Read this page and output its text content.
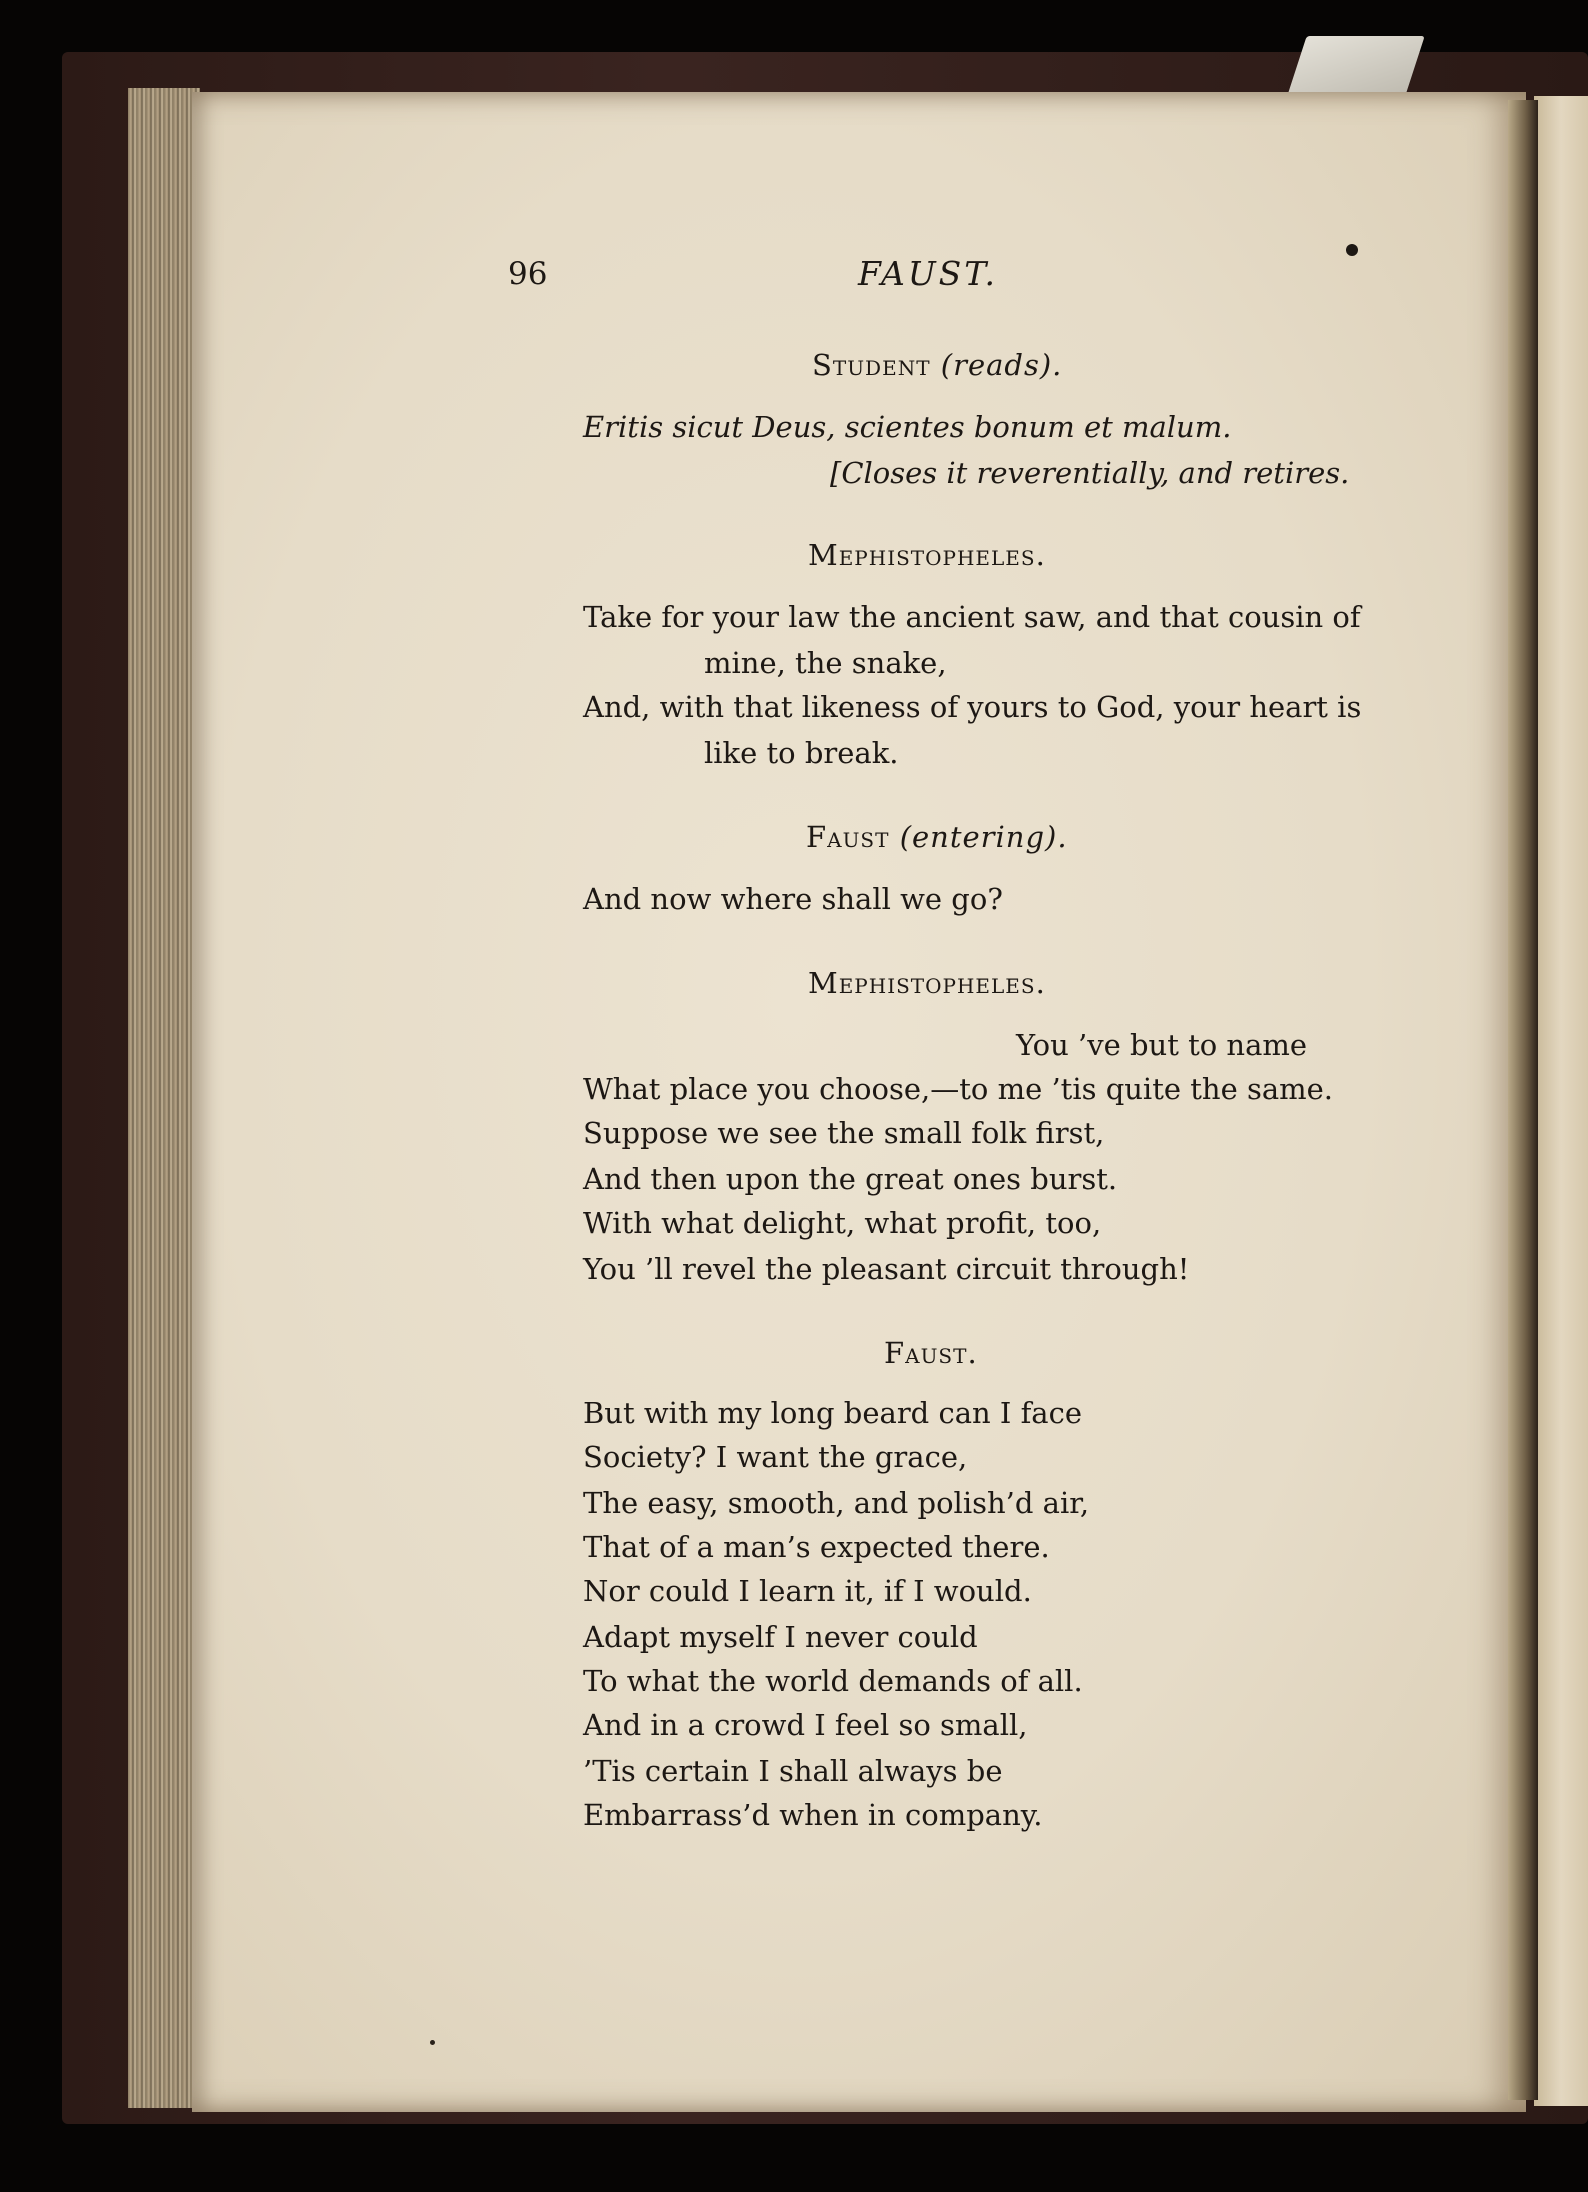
96	FAUST.
Student (reads).
Eritis sicut Deus, scientes bonum et malum.
[Closes it reverentially, and retires.
Mephistopheles.
Take for your law the ancient saw, and that cousin of
mine, the snake,
And, with that likeness of yours to God, your heart is
like to break.
Faust (entering).
And now where shall we go?
Mephistopheles.
You ’ve but to name
What place you choose,—to me ’tis quite the same.
Suppose we see the small folk first,
And then upon the great ones burst.
With what delight, what profit, too,
You ’ll revel the pleasant circuit through!
Faust.
But with my long beard can I face
Society? I want the grace,
The easy, smooth, and polish’d air,
That of a man’s expected there.
Nor could I learn it, if I would.
Adapt myself I never could
To what the world demands of all.
And in a crowd I feel so small,
’Tis certain I shall always be
Embarrass’d when in company.
